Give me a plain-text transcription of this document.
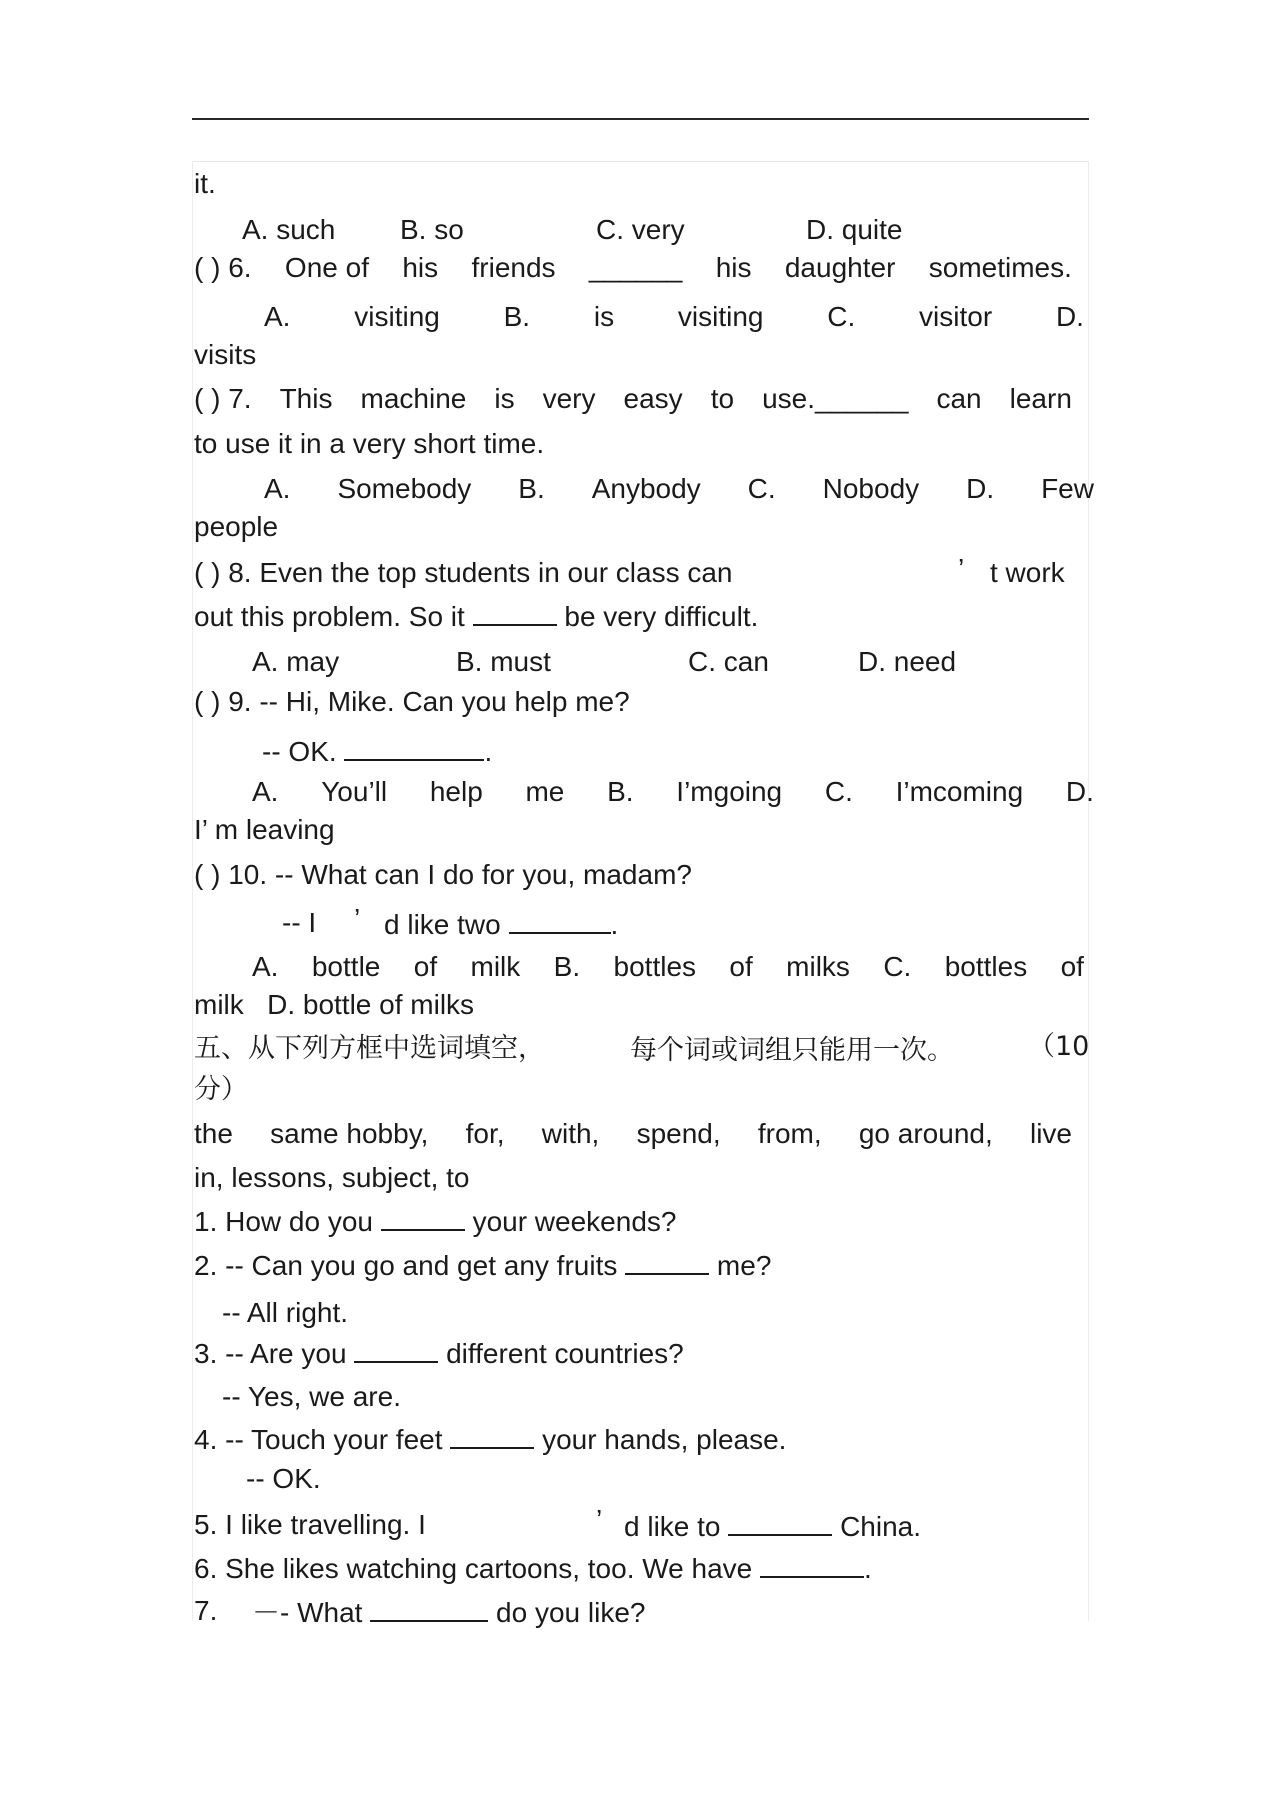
it.
A. such B. so	C. very	D. quite
( ) 6. One of his friends ______ his daughter sometimes.
A. visiting B. is visiting C. visitor D.
visits
( ) 7. This machine is very easy to use.______ can learn
to use it in a very short time.
A. Somebody B. Anybody C. Nobody D. Few
people
( ) 8. Even the top students in our class can	’ t work
out this problem. So it	be very difficult.
A. may	B. must	C. can	D. need
( ) 9. -- Hi, Mike. Can you help me?
-- OK.	.
A. You’ll help me B. I’mgoing C. I’mcoming D.
I’ m leaving
( ) 10. -- What can I do for you, madam?
-- I ’ d like two	.
A. bottle of milk B. bottles of milks C. bottles of
milk   D. bottle of milks
五、从下列方框中选词填空，	每个词或词组只能用一次。	（10
分）
the same hobby, for, with, spend, from, go around, live
in, lessons, subject, to
1. How do you	your weekends?
2. -- Can you go and get any fruits	me?
-- All right.
3. -- Are you	different countries?
-- Yes, we are.
4. -- Touch your feet	your hands, please.
-- OK.
5. I like travelling. I	’ d like to	China.
6. She likes watching cartoons, too. We have	.
7. －- What	do you like?
